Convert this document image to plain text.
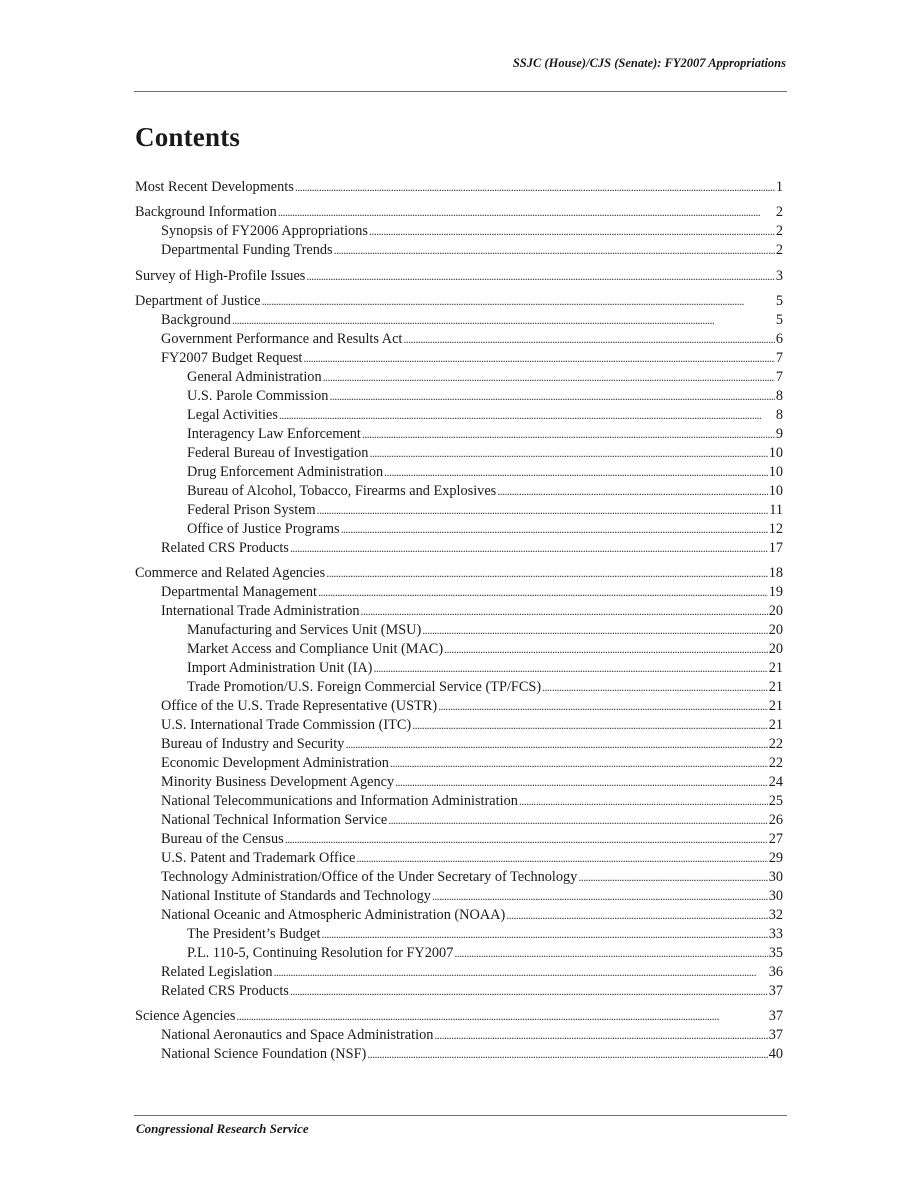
SSJC (House)/CJS (Senate): FY2007 Appropriations
Contents
Most Recent Developments . . .	1
Background Information . . .	2
Synopsis of FY2006 Appropriations . . .	2
Departmental Funding Trends . . .	2
Survey of High-Profile Issues . . .	3
Department of Justice . . .	5
Background . . .	5
Government Performance and Results Act . . .	6
FY2007 Budget Request . . .	7
General Administration . . .	7
U.S. Parole Commission . . .	8
Legal Activities . . .	8
Interagency Law Enforcement . . .	9
Federal Bureau of Investigation . . .	10
Drug Enforcement Administration . . .	10
Bureau of Alcohol, Tobacco, Firearms and Explosives . . .	10
Federal Prison System . . .	11
Office of Justice Programs . . .	12
Related CRS Products . . .	17
Commerce and Related Agencies . . .	18
Departmental Management . . .	19
International Trade Administration . . .	20
Manufacturing and Services Unit (MSU) . . .	20
Market Access and Compliance Unit (MAC) . . .	20
Import Administration Unit (IA) . . .	21
Trade Promotion/U.S. Foreign Commercial Service (TP/FCS) . . .	21
Office of the U.S. Trade Representative (USTR) . . .	21
U.S. International Trade Commission (ITC) . . .	21
Bureau of Industry and Security . . .	22
Economic Development Administration . . .	22
Minority Business Development Agency . . .	24
National Telecommunications and Information Administration . . .	25
National Technical Information Service . . .	26
Bureau of the Census . . .	27
U.S. Patent and Trademark Office . . .	29
Technology Administration/Office of the Under Secretary of Technology . . .	30
National Institute of Standards and Technology . . .	30
National Oceanic and Atmospheric Administration (NOAA) . . .	32
The President’s Budget . . .	33
P.L. 110-5, Continuing Resolution for FY2007 . . .	35
Related Legislation . . .	36
Related CRS Products . . .	37
Science Agencies . . .	37
National Aeronautics and Space Administration . . .	37
National Science Foundation (NSF) . . .	40
Congressional Research Service
